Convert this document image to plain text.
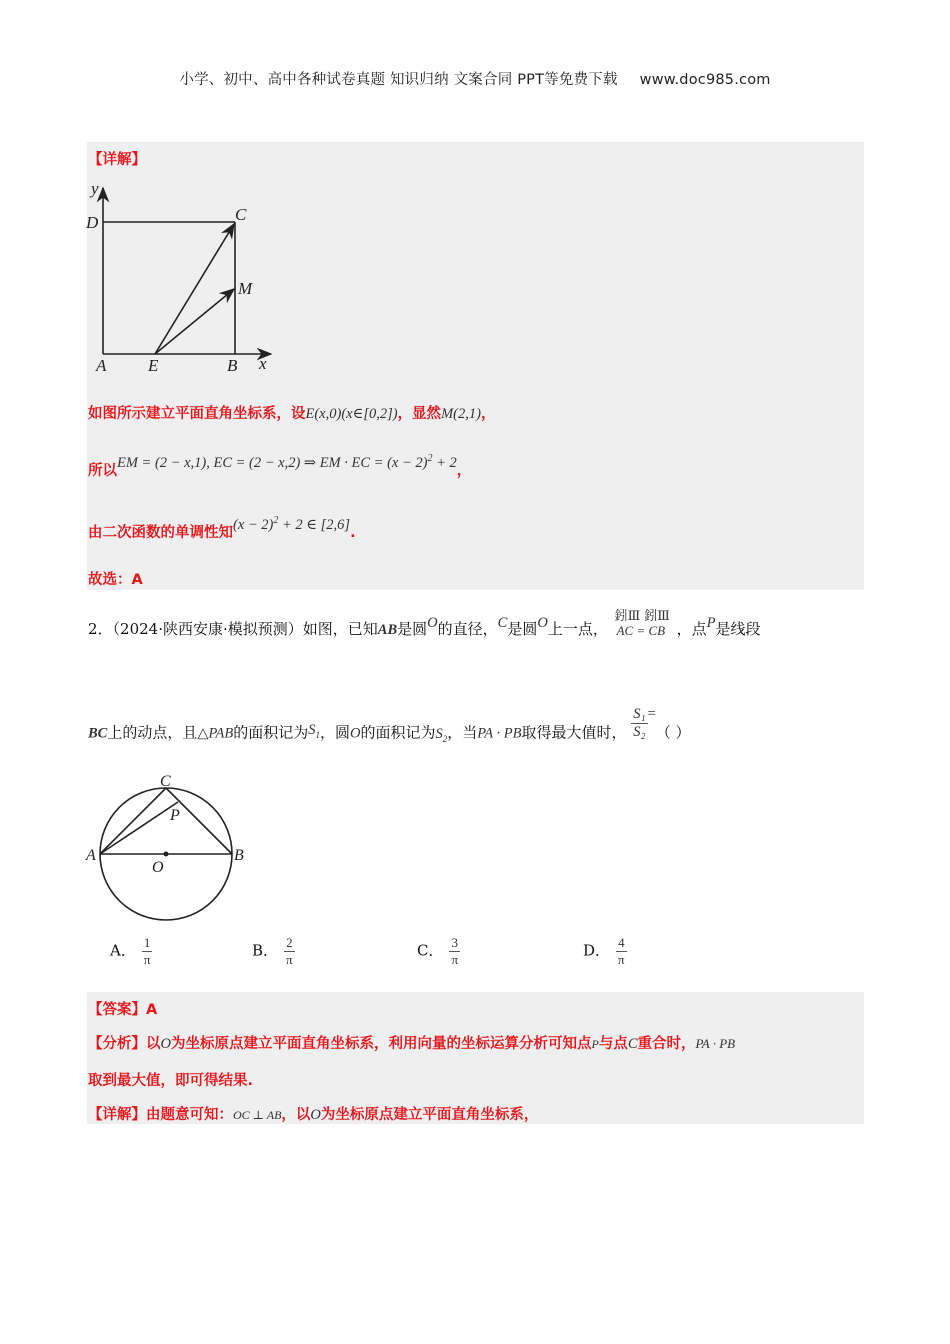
小学、初中、高中各种试卷真题 知识归纳 文案合同 PPT等免费下载 www.doc985.com
【详解】
y
D	C
M
A E	B x
如图所示建立平面直角坐标系，设E(x,0)(x∈[0,2])，显然M(2,1)，
所以EM = (2 − x,1), EC = (2 − x,2) ⇒ EM · EC = $(x - 2)^2 + 2$，
由二次函数的单调性知$(x - 2)^2 + 2$ ∈ [2,6].
故选：A
2．（2024·陕西安康·模拟预测）如图，已知AB是圆O的直径，C是圆O上一点，
鈏Ⅲ 鈏Ⅲ
AC = CB ，点P是线段
BC上的动点，且△PAB的面积记为$S_1$，圆O的面积记为$S_2$，当PA · PB取得最大值时， $\frac{\text{S₁}}{\text{S₂}}$ =（ ）
C
P
A
O
B
A． $\frac{1}{\pi}$	B． $\frac{2}{\pi}$	C． $\frac{3}{\pi}$	D． $\frac{4}{\pi}$
【答案】A
【分析】以O为坐标原点建立平面直角坐标系，利用向量的坐标运算分析可知点P与点C重合时，PA · PB
取到最大值，即可得结果.
【详解】由题意可知：OC ⊥ AB，以O为坐标原点建立平面直角坐标系，
